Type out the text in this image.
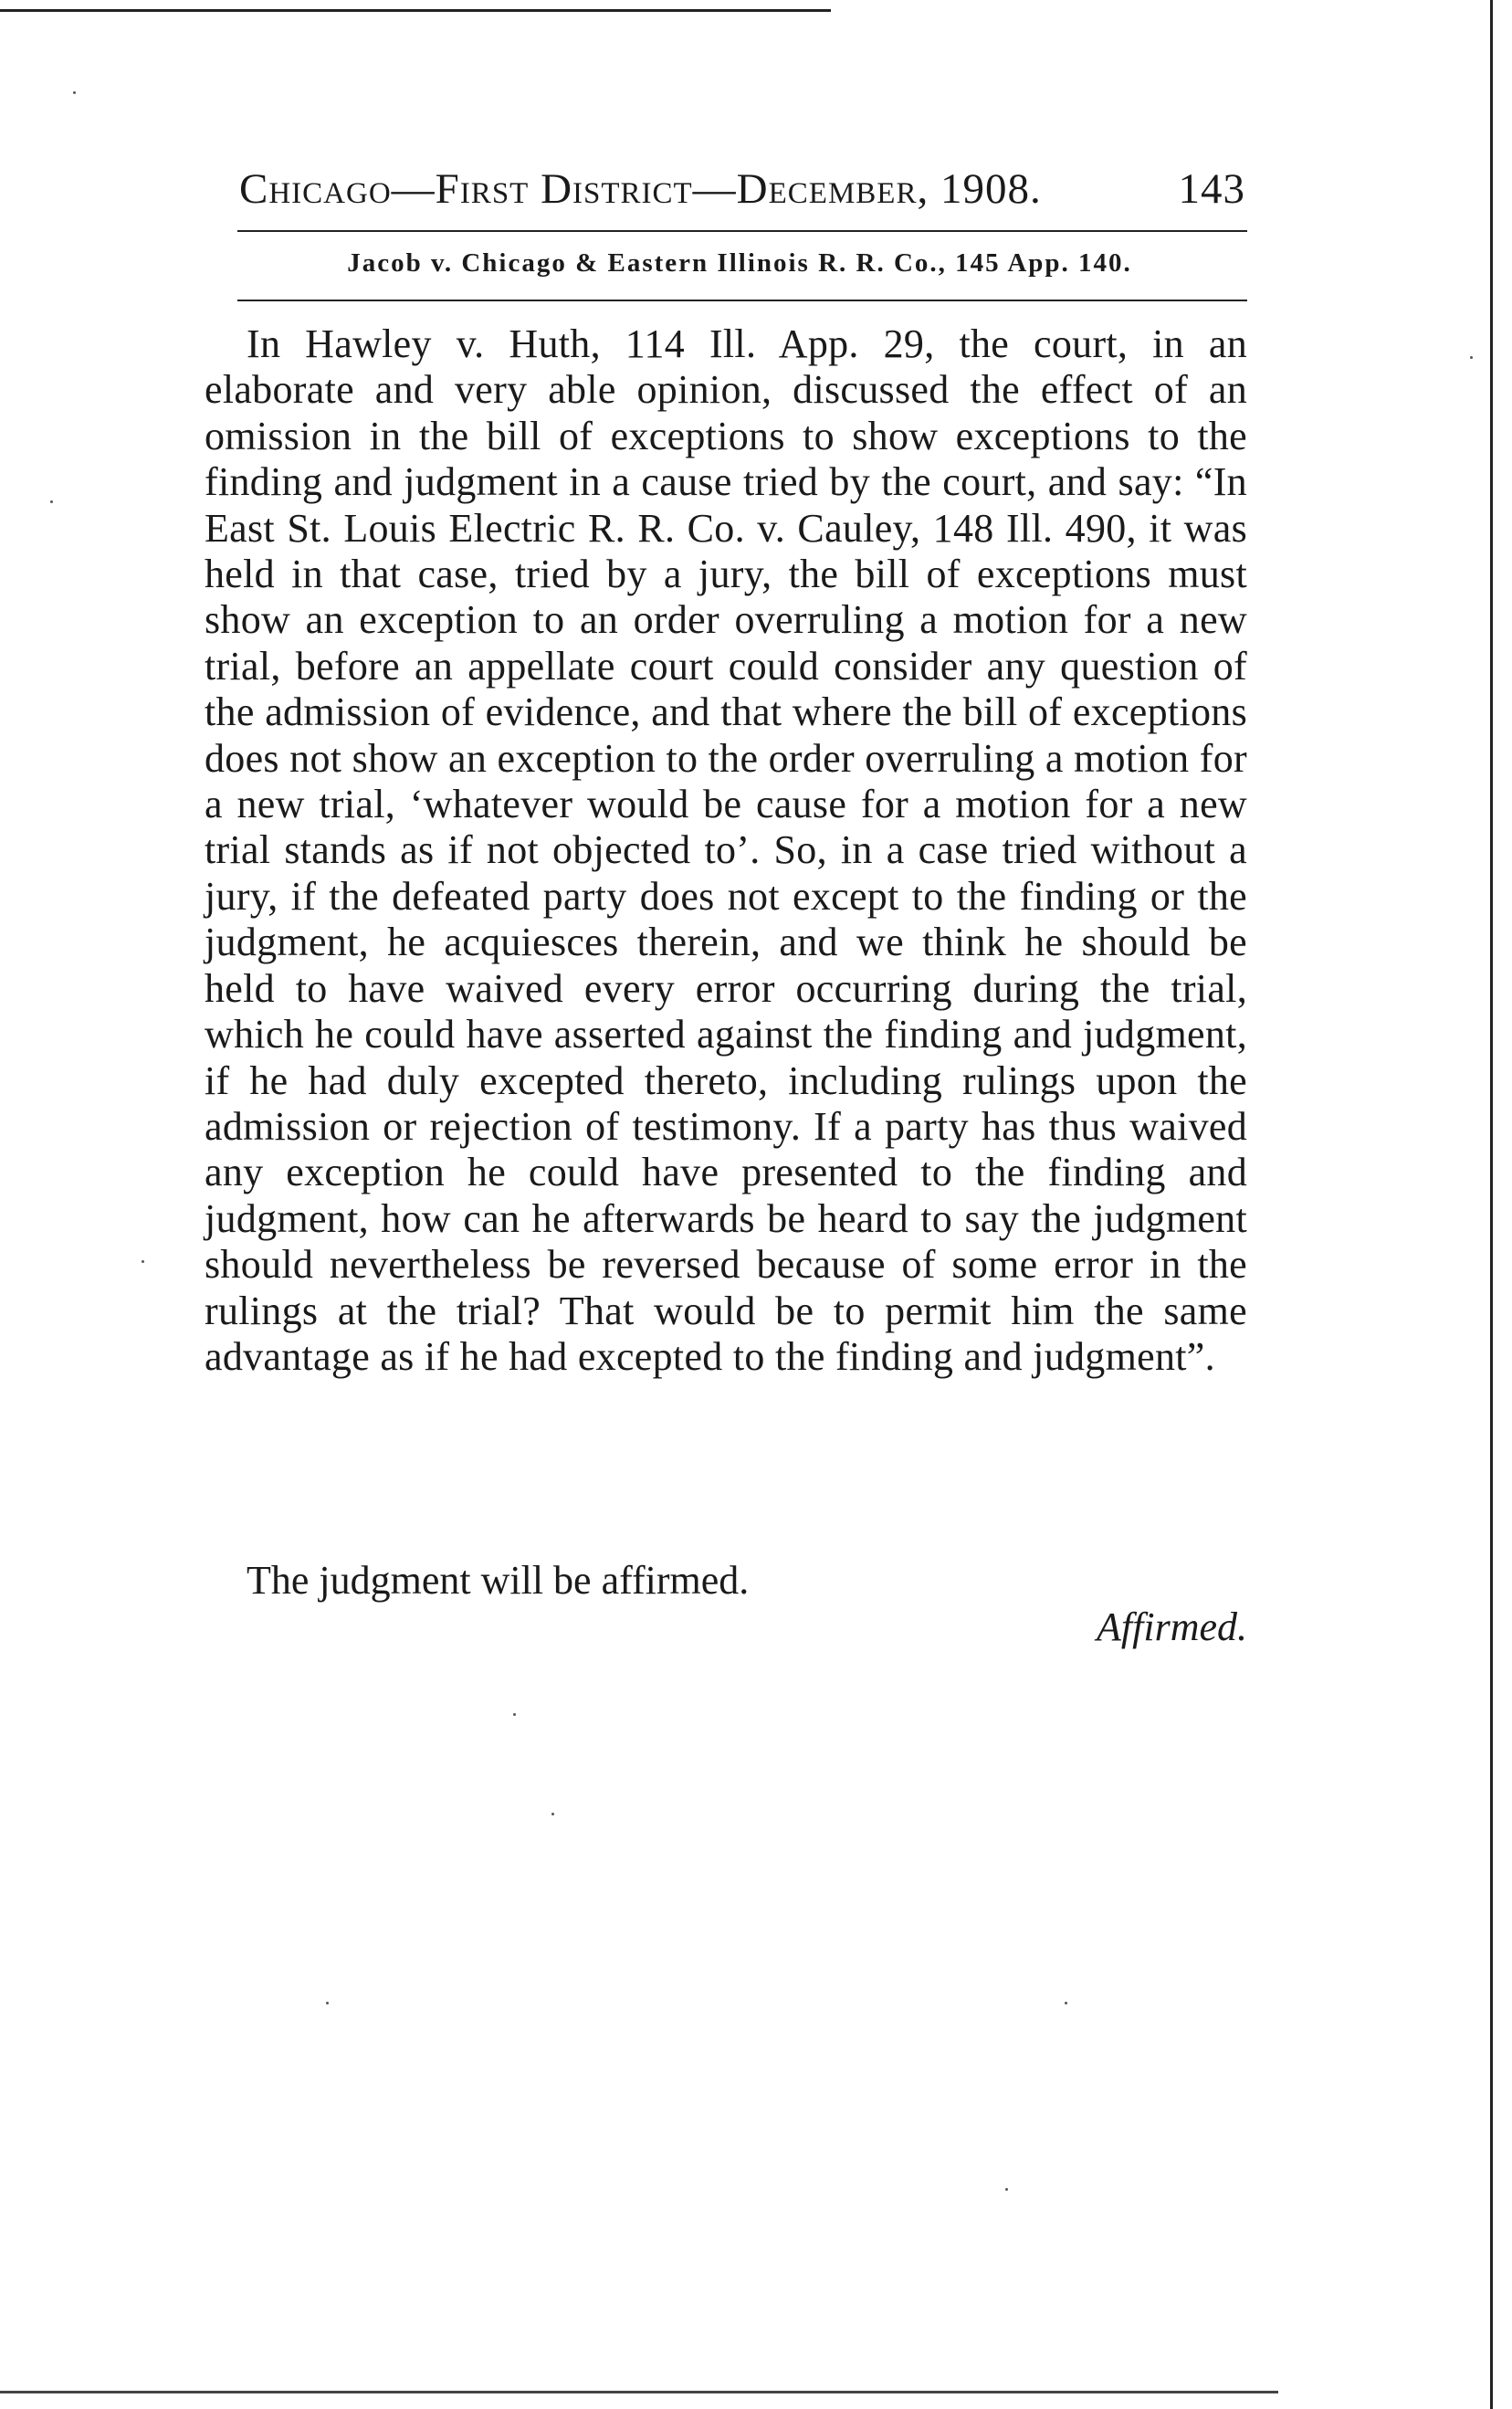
Chicago—First District—December, 1908.	143
Jacob v. Chicago & Eastern Illinois R. R. Co., 145 App. 140.

In Hawley v. Huth, 114 Ill. App. 29, the court, in an elaborate and very able opinion, discussed the effect of an omission in the bill of exceptions to show exceptions to the finding and judgment in a cause tried by the court, and say: “In East St. Louis Electric R. R. Co. v. Cauley, 148 Ill. 490, it was held in that case, tried by a jury, the bill of exceptions must show an exception to an order overruling a motion for a new trial, before an appellate court could consider any question of the admission of evidence, and that where the bill of exceptions does not show an exception to the order overruling a motion for a new trial, ‘whatever would be cause for a motion for a new trial stands as if not objected to’. So, in a case tried without a jury, if the defeated party does not except to the finding or the judgment, he acquiesces therein, and we think he should be held to have waived every error occurring during the trial, which he could have asserted against the finding and judgment, if he had duly excepted thereto, including rulings upon the admission or rejection of testimony. If a party has thus waived any exception he could have presented to the finding and judgment, how can he afterwards be heard to say the judgment should nevertheless be reversed because of some error in the rulings at the trial? That would be to permit him the same advantage as if he had excepted to the finding and judgment”.

The judgment will be affirmed.
Affirmed.
